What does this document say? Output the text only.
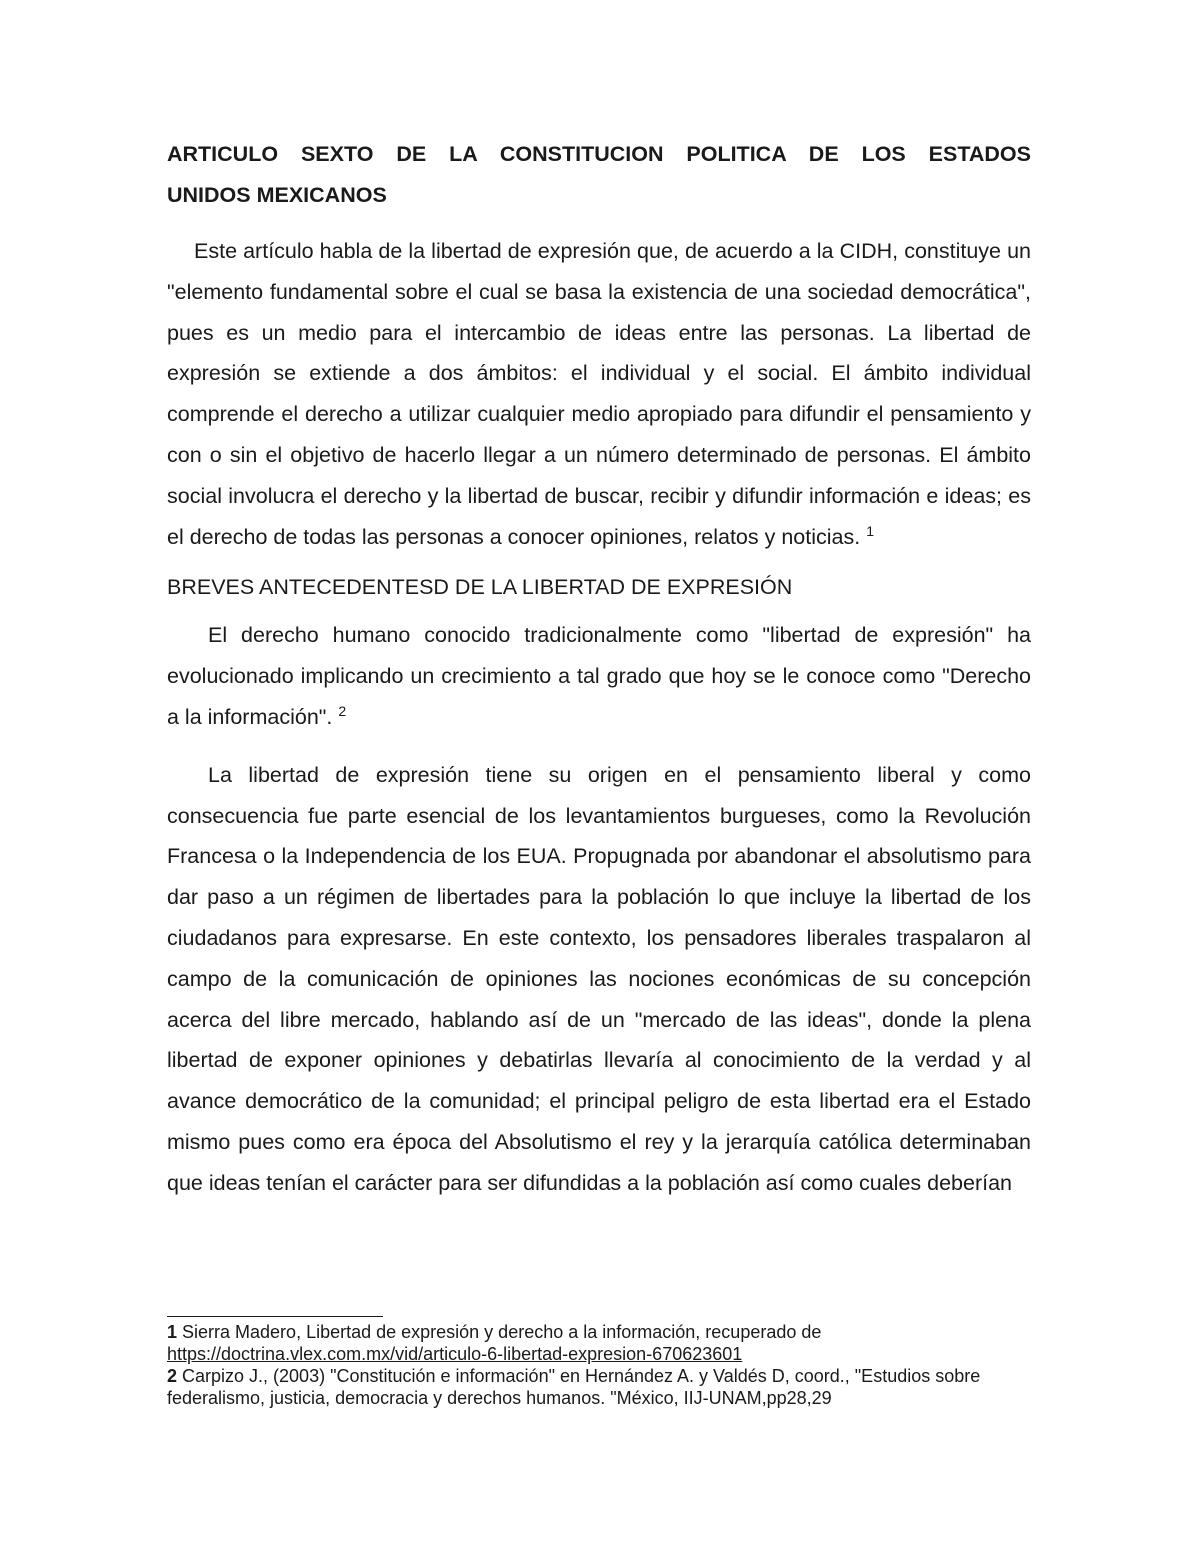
ARTICULO SEXTO DE LA CONSTITUCION POLITICA DE LOS ESTADOS
UNIDOS MEXICANOS

Este artículo habla de la libertad de expresión que, de acuerdo a la CIDH, constituye un "elemento fundamental sobre el cual se basa la existencia de una sociedad democrática", pues es un medio para el intercambio de ideas entre las personas. La libertad de expresión se extiende a dos ámbitos: el individual y el social. El ámbito individual comprende el derecho a utilizar cualquier medio apropiado para difundir el pensamiento y con o sin el objetivo de hacerlo llegar a un número determinado de personas. El ámbito social involucra el derecho y la libertad de buscar, recibir y difundir información e ideas; es el derecho de todas las personas a conocer opiniones, relatos y noticias. $^1$

BREVES ANTECEDENTESD DE LA LIBERTAD DE EXPRESIÓN

El derecho humano conocido tradicionalmente como "libertad de expresión" ha evolucionado implicando un crecimiento a tal grado que hoy se le conoce como "Derecho a la información". $^2$

La libertad de expresión tiene su origen en el pensamiento liberal y como consecuencia fue parte esencial de los levantamientos burgueses, como la Revolución Francesa o la Independencia de los EUA. Propugnada por abandonar el absolutismo para dar paso a un régimen de libertades para la población lo que incluye la libertad de los ciudadanos para expresarse. En este contexto, los pensadores liberales traspalaron al campo de la comunicación de opiniones las nociones económicas de su concepción acerca del libre mercado, hablando así de un "mercado de las ideas", donde la plena libertad de exponer opiniones y debatirlas llevaría al conocimiento de la verdad y al avance democrático de la comunidad; el principal peligro de esta libertad era el Estado mismo pues como era época del Absolutismo el rey y la jerarquía católica determinaban que ideas tenían el carácter para ser difundidas a la población así como cuales deberían

1 Sierra Madero, Libertad de expresión y derecho a la información, recuperado de
https://doctrina.vlex.com.mx/vid/articulo-6-libertad-expresion-670623601

2 Carpizo J., (2003) "Constitución e información" en Hernández A. y Valdés D, coord., "Estudios sobre federalismo, justicia, democracia y derechos humanos. "México, IIJ-UNAM,pp28,29
